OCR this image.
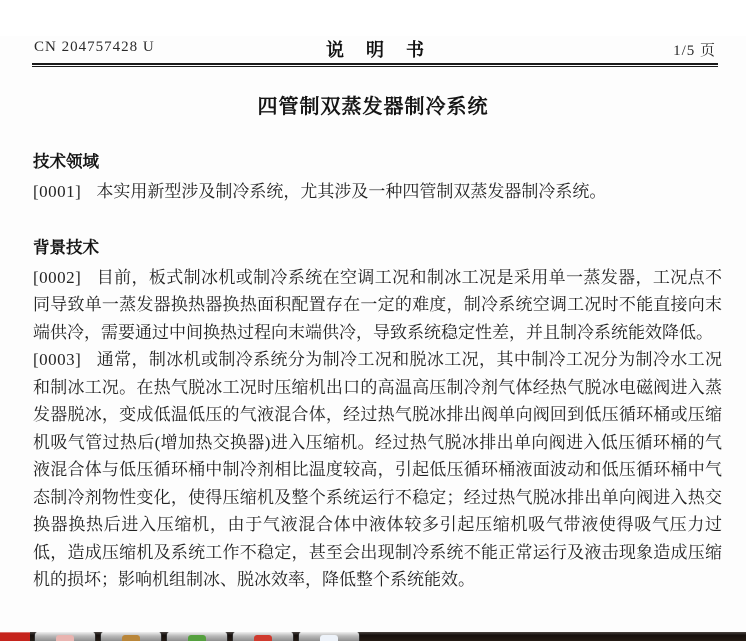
CN 204757428 U	说　明　书	1/5 页
四管制双蒸发器制冷系统
技术领域

[0001] 本实用新型涉及制冷系统，尤其涉及一种四管制双蒸发器制冷系统。

背景技术

[0002] 目前，板式制冰机或制冷系统在空调工况和制冰工况是采用单一蒸发器，工况点不同导致单一蒸发器换热器换热面积配置存在一定的难度，制冷系统空调工况时不能直接向末端供冷，需要通过中间换热过程向末端供冷，导致系统稳定性差，并且制冷系统能效降低。

[0003] 通常，制冰机或制冷系统分为制冷工况和脱冰工况，其中制冷工况分为制冷水工况和制冰工况。在热气脱冰工况时压缩机出口的高温高压制冷剂气体经热气脱冰电磁阀进入蒸发器脱冰，变成低温低压的气液混合体，经过热气脱冰排出阀单向阀回到低压循环桶或压缩机吸气管过热后(增加热交换器)进入压缩机。经过热气脱冰排出单向阀进入低压循环桶的气液混合体与低压循环桶中制冷剂相比温度较高，引起低压循环桶液面波动和低压循环桶中气态制冷剂物性变化，使得压缩机及整个系统运行不稳定；经过热气脱冰排出单向阀进入热交换器换热后进入压缩机，由于气液混合体中液体较多引起压缩机吸气带液使得吸气压力过低，造成压缩机及系统工作不稳定，甚至会出现制冷系统不能正常运行及液击现象造成压缩机的损坏；影响机组制冰、脱冰效率，降低整个系统能效。
